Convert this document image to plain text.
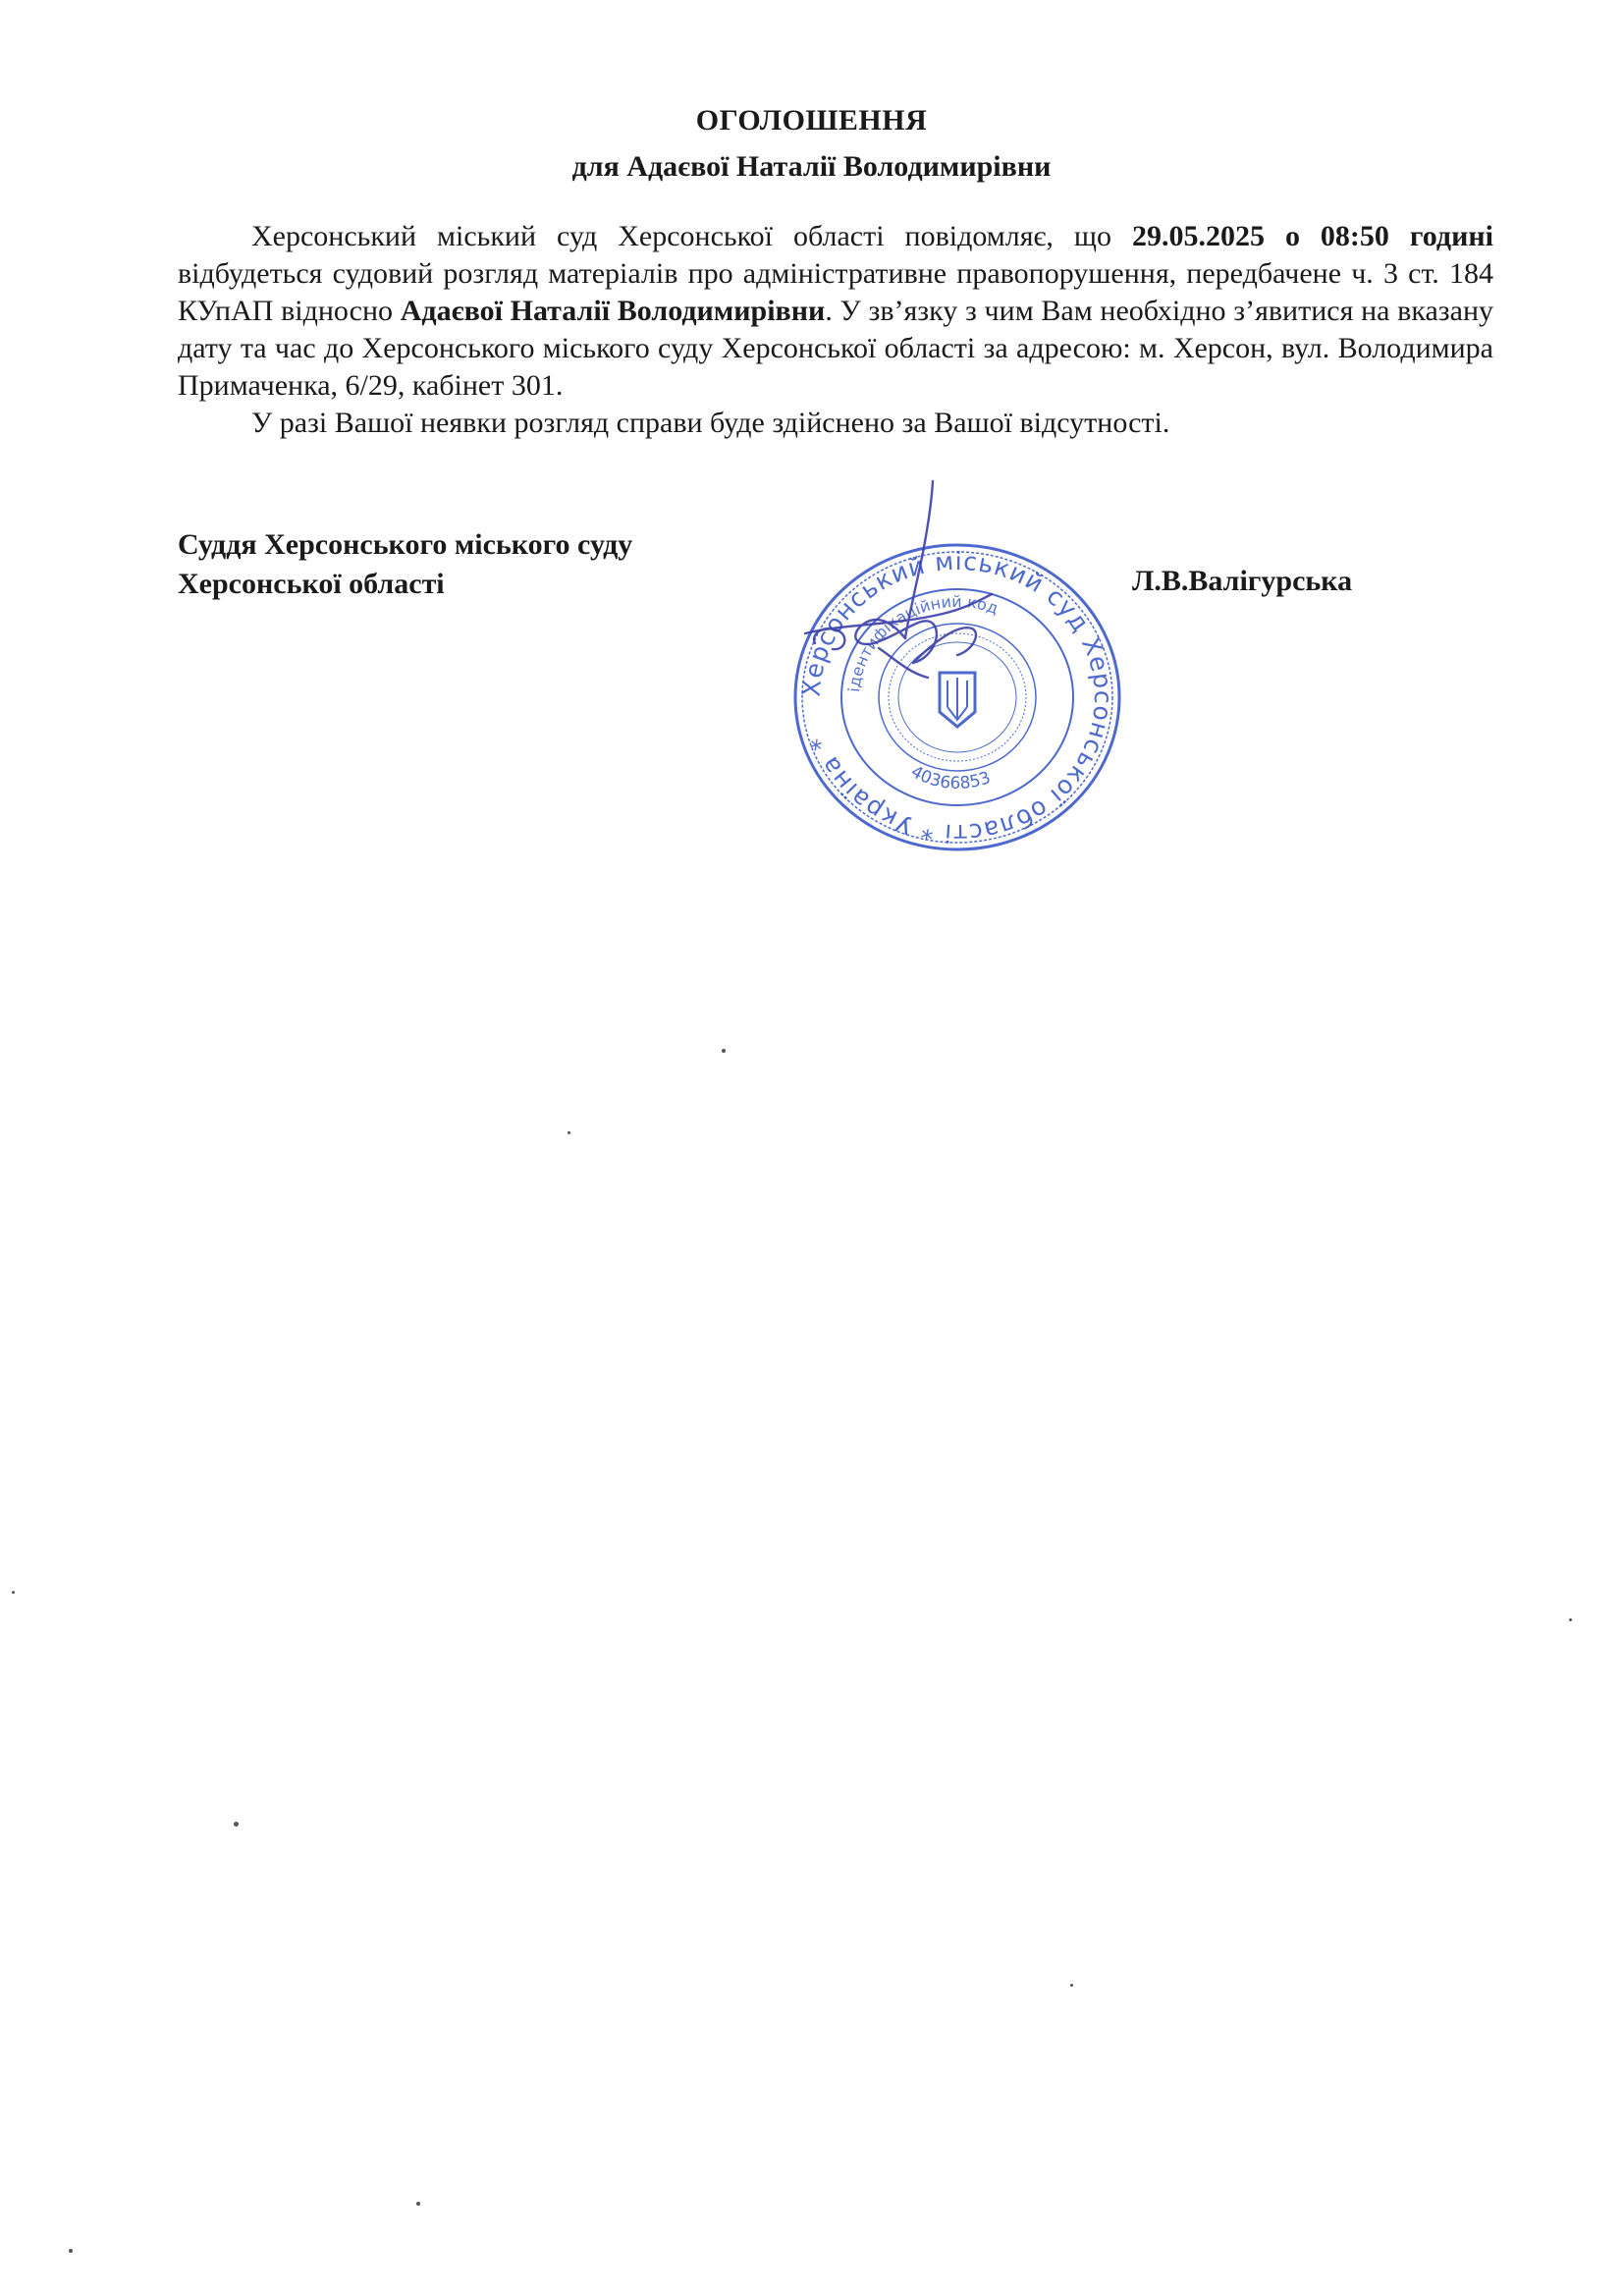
ОГОЛОШЕННЯ
для Адаєвої Наталії Володимирівни

Херсонський міський суд Херсонської області повідомляє, що 29.05.2025 о 08:50 годині відбудеться судовий розгляд матеріалів про адміністративне правопорушення, передбачене ч. 3 ст. 184 КУпАП відносно Адаєвої Наталії Володимирівни. У зв’язку з чим Вам необхідно з’явитися на вказану дату та час до Херсонського міського суду Херсонської області за адресою: м. Херсон, вул. Володимира Примаченка, 6/29, кабінет 301.

У разі Вашої неявки розгляд справи буде здійснено за Вашої відсутності.

Суддя Херсонського міського суду
Херсонської області	Л.В.Валігурська
Херсонський міський суд Херсонської області * Україна *
ідентифікаційний код
40366853
